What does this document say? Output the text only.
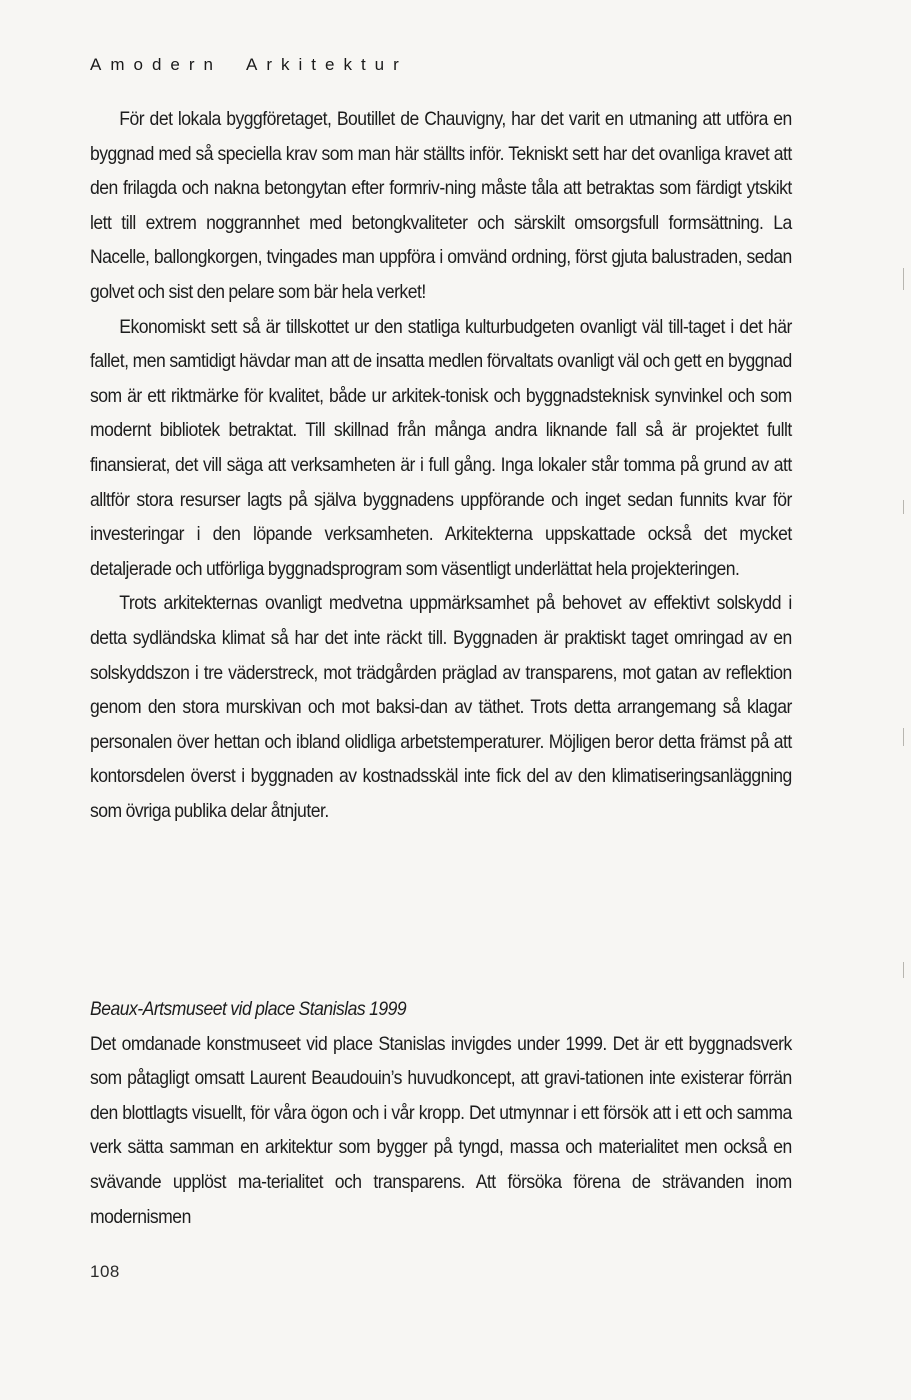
Amodern Arkitektur

För det lokala byggföretaget, Boutillet de Chauvigny, har det varit en utmaning att utföra en byggnad med så speciella krav som man här ställts inför. Tekniskt sett har det ovanliga kravet att den frilagda och nakna betongytan efter formriv-ning måste tåla att betraktas som färdigt ytskikt lett till extrem noggrannhet med betongkvaliteter och särskilt omsorgsfull formsättning. La Nacelle, ballongkorgen, tvingades man uppföra i omvänd ordning, först gjuta balustraden, sedan golvet och sist den pelare som bär hela verket!

Ekonomiskt sett så är tillskottet ur den statliga kulturbudgeten ovanligt väl till-taget i det här fallet, men samtidigt hävdar man att de insatta medlen förvaltats ovanligt väl och gett en byggnad som är ett riktmärke för kvalitet, både ur arkitek-tonisk och byggnadsteknisk synvinkel och som modernt bibliotek betraktat. Till skillnad från många andra liknande fall så är projektet fullt finansierat, det vill säga att verksamheten är i full gång. Inga lokaler står tomma på grund av att alltför stora resurser lagts på själva byggnadens uppförande och inget sedan funnits kvar för investeringar i den löpande verksamheten. Arkitekterna uppskattade också det mycket detaljerade och utförliga byggnadsprogram som väsentligt underlättat hela projekteringen.

Trots arkitekternas ovanligt medvetna uppmärksamhet på behovet av effektivt solskydd i detta sydländska klimat så har det inte räckt till. Byggnaden är praktiskt taget omringad av en solskyddszon i tre väderstreck, mot trädgården präglad av transparens, mot gatan av reflektion genom den stora murskivan och mot baksi-dan av täthet. Trots detta arrangemang så klagar personalen över hettan och ibland olidliga arbetstemperaturer. Möjligen beror detta främst på att kontorsdelen överst i byggnaden av kostnadsskäl inte fick del av den klimatiseringsanläggning som övriga publika delar åtnjuter.

Beaux-Artsmuseet vid place Stanislas 1999

Det omdanade konstmuseet vid place Stanislas invigdes under 1999. Det är ett byggnadsverk som påtagligt omsatt Laurent Beaudouin’s huvudkoncept, att gravi-tationen inte existerar förrän den blottlagts visuellt, för våra ögon och i vår kropp. Det utmynnar i ett försök att i ett och samma verk sätta samman en arkitektur som bygger på tyngd, massa och materialitet men också en svävande upplöst ma-terialitet och transparens. Att försöka förena de strävanden inom modernismen

108
